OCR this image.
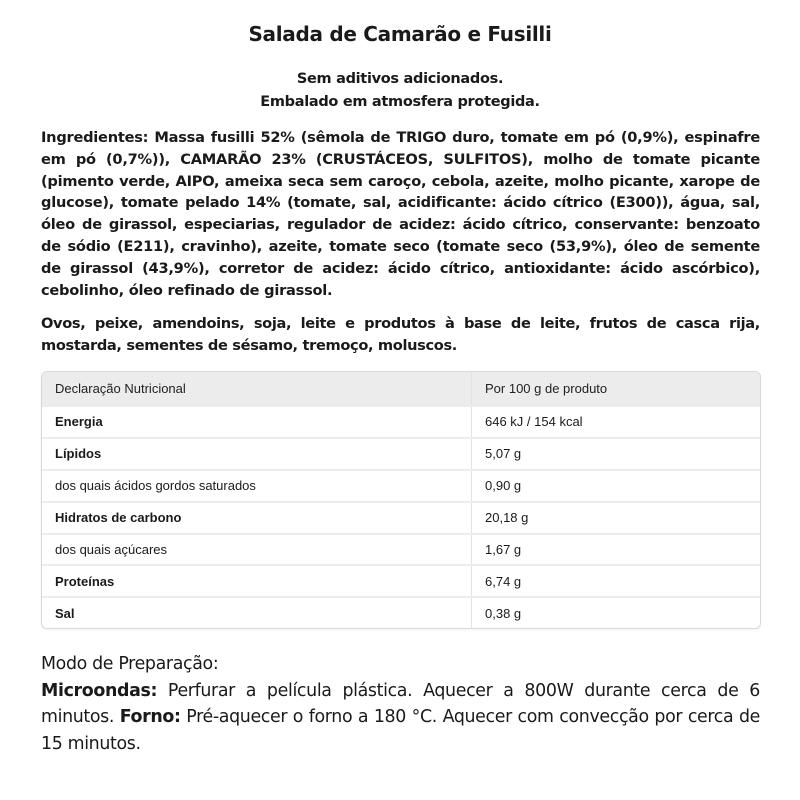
Salada de Camarão e Fusilli
Sem aditivos adicionados.
Embalado em atmosfera protegida.
Ingredientes: Massa fusilli 52% (sêmola de TRIGO duro, tomate em pó (0,9%), espinafre em pó (0,7%)), CAMARÃO 23% (CRUSTÁCEOS, SULFITOS), molho de tomate picante (pimento verde, AIPO, ameixa seca sem caroço, cebola, azeite, molho picante, xarope de glucose), tomate pelado 14% (tomate, sal, acidificante: ácido cítrico (E300)), água, sal, óleo de girassol, especiarias, regulador de acidez: ácido cítrico, conservante: benzoato de sódio (E211), cravinho), azeite, tomate seco (tomate seco (53,9%), óleo de semente de girassol (43,9%), corretor de acidez: ácido cítrico, antioxidante: ácido ascórbico), cebolinho, óleo refinado de girassol.
Ovos, peixe, amendoins, soja, leite e produtos à base de leite, frutos de casca rija, mostarda, sementes de sésamo, tremoço, moluscos.
Declaração Nutricional	Por 100 g de produto
Energia	646 kJ / 154 kcal
Lípidos	5,07 g
dos quais ácidos gordos saturados	0,90 g
Hidratos de carbono	20,18 g
dos quais açúcares	1,67 g
Proteínas	6,74 g
Sal	0,38 g
Modo de Preparação:
Microondas: Perfurar a película plástica. Aquecer a 800W durante cerca de 6 minutos. Forno: Pré-aquecer o forno a 180 °C. Aquecer com convecção por cerca de 15 minutos.
